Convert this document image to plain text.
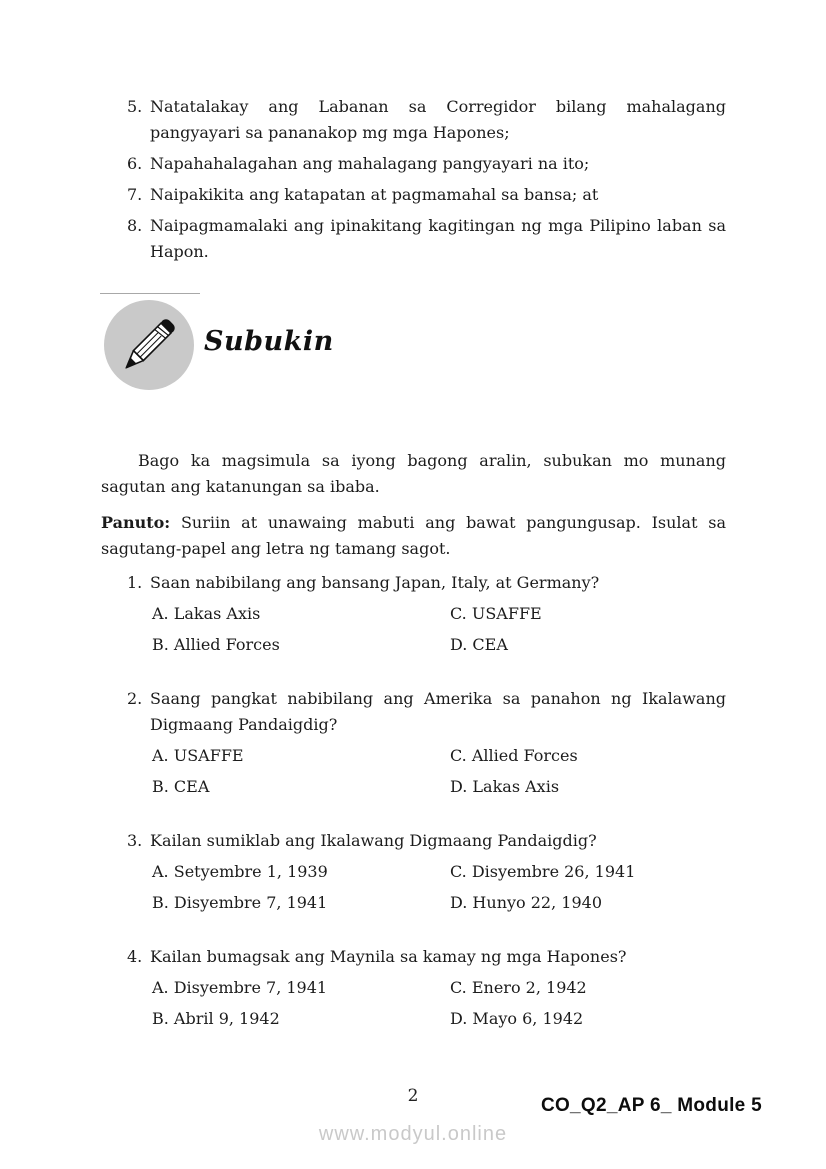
5. Natatalakay ang Labanan sa Corregidor bilang mahalagang pangyayari sa pananakop mg mga Hapones;
6. Napahahalagahan ang mahalagang pangyayari na ito;
7. Naipakikita ang katapatan at pagmamahal sa bansa; at
8. Naipagmamalaki ang ipinakitang kagitingan ng mga Pilipino laban sa Hapon.
Subukin

Bago ka magsimula sa iyong bagong aralin, subukan mo munang sagutan ang katanungan sa ibaba.

Panuto: Suriin at unawaing mabuti ang bawat pangungusap. Isulat sa sagutang-papel ang letra ng tamang sagot.

1. Saan nabibilang ang bansang Japan, Italy, at Germany?
A. Lakas Axis	C. USAFFE
B. Allied Forces	D. CEA
2. Saang pangkat nabibilang ang Amerika sa panahon ng Ikalawang Digmaang Pandaigdig?
A. USAFFE	C. Allied Forces
B. CEA	D. Lakas Axis
3. Kailan sumiklab ang Ikalawang Digmaang Pandaigdig?
A. Setyembre 1, 1939	C. Disyembre 26, 1941
B. Disyembre 7, 1941	D. Hunyo 22, 1940
4. Kailan bumagsak ang Maynila sa kamay ng mga Hapones?
A. Disyembre 7, 1941	C. Enero 2, 1942
B. Abril 9, 1942	D. Mayo 6, 1942
2	CO_Q2_AP 6_ Module 5
www.modyul.online
